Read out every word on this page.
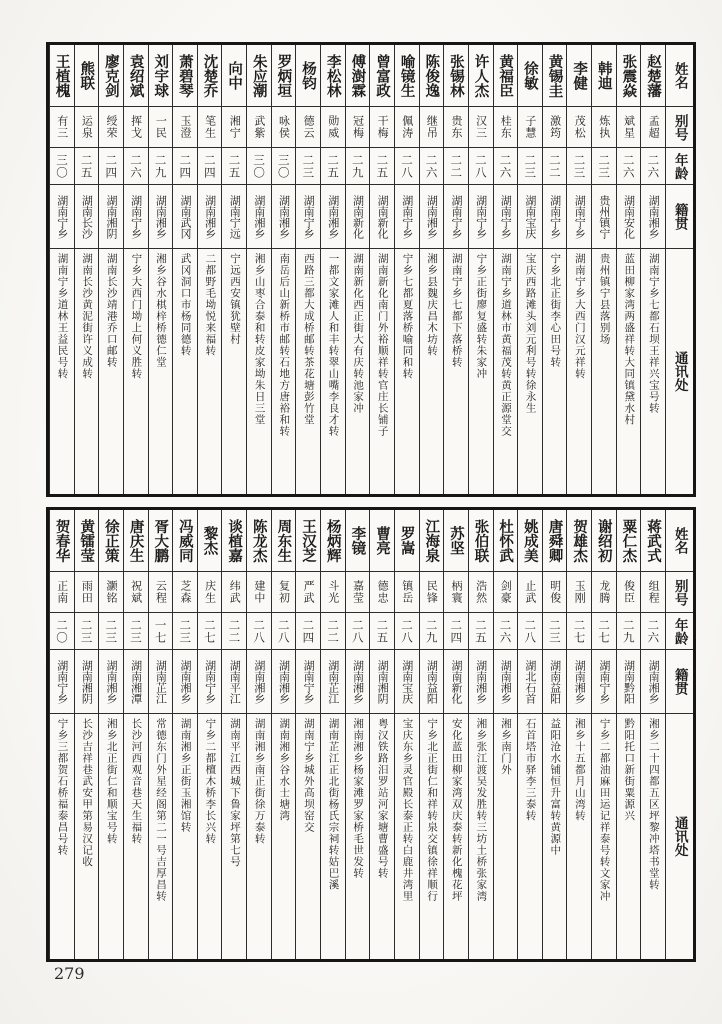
姓名
别号
年龄
籍贯
通讯处
赵楚藩
孟超
二六
湖南湘乡
湖南宁乡七都石坝王祥兴宝号转
张震焱
斌星
二六
湖南安化
蓝田柳家湾两盛祥转大同镇黛水村
韩迪
炼执
二三
贵州镇宁
贵州镇宁县落别场
李健
茂松
二三
湖南宁乡
湖南宁乡大西门汉元祥转
黄锡圭
激筠
二二
湖南宁乡
宁乡北正街李心田号转
徐敏
子慧
二三
湖南宝庆
宝庆西路滩头刘元利号转徐永生
黄福臣
桂东
二六
湖南宁乡
湖南宁乡道林市黄福茂转黄正源堂交
许人杰
汉三
二八
湖南宁乡
宁乡正街廖复盛转朱家冲
张锡林
贵东
二二
湖南宁乡
湖南宁乡七都下落桥转
陈俊逸
继吊
二六
湖南湘乡
湘乡县魏庆昌木坊转
喻镜生
佩涛
二八
湖南宁乡
宁乡七都夏落桥喻同和转
曾富政
干梅
二五
湖南新化
湖南新化南门外裕顺祥转官庄长铺子
傅澍霖
冠梅
二九
湖南新化
湖南新化西正街大有庆转池家冲
李松林
勋威
二五
湖南湘乡
一都文家滩人和丰转翠山嘴李良才转
杨钧
德云
二三
湖南宁乡
西路三都大成桥邮转茶花塘彭竹堂
罗炳垣
咏侯
三〇
湖南湘乡
南岳后山新桥市邮转石地方唐裕和转
朱应潮
武紫
三〇
湖南湘乡
湘乡山枣合泰和转皮家坳朱日三堂
向中
湘宁
二五
湖南宁远
宁远西安镇犹壁村
沈楚乔
笔生
二四
湖南湘乡
二都野毛坳悦来福转
萧碧琴
玉澄
二四
湖南武冈
武冈洞口市杨同德转
刘宇球
一民
二九
湖南湘乡
湘乡谷水棋梓桥德仁堂
袁绍斌
挥戈
二六
湖南宁乡
宁乡大西门坳上何义胜转
廖克剑
绶荣
二四
湖南湘阴
湖南长沙靖港乔口邮转
熊联
运泉
二五
湖南长沙
湖南长沙黄泥街许义成转
王植槐
有三
三〇
湖南宁乡
湖南宁乡道林王益民号转
姓名
别号
年龄
籍贯
通讯处
蒋武式
组程
二六
湖南湘乡
湘乡二十四都五区坪黎冲塔书堂转
粟仁杰
俊臣
二九
湖南黔阳
黔阳托口新街粟源兴
谢绍初
龙腾
二七
湖南宁乡
宁乡二都油麻田运记祥泰号转文家冲
贺雄杰
玉刚
二七
湖南湘乡
湘乡十五都月山湾转
唐舜卿
明俊
二三
湖南益阳
益阳沧水铺恒升富转黄源中
姚成美
止武
二八
湖北石首
石首塔市驿李三泰转
杜怀武
剑豪
二六
湖南湘乡
湘乡南门外
张伯联
浩然
二五
湖南湘乡
湘乡张江渡吴发胜转三坊土桥张家湾
苏坚
柄寰
二四
湖南新化
安化蓝田柳家湾双庆泰转新化槐花坪
江海泉
民锋
二九
湖南益阳
宁乡北正街仁和祥转泉交镇徐祥顺行
罗嵩
镇岳
二八
湖南宝庆
宝庆东乡灵官殿长泰正转白鹿井湾里
曹亮
德忠
二五
湖南湘阴
粤汉铁路汨罗站河家塘曹盛号转
李镜
嘉莹
二八
湖南湘乡
湘南湘乡杨家滩罗家桥毛世发转
杨炳辉
斗光
二二
湖南芷江
湖南芷江正北街杨氏宗祠转姑巴溪
王汉芝
严武
二四
湖南宁乡
湖南宁乡城外高坝窑交
周东生
复初
二八
湖南湘乡
湖南湘乡谷水士塘湾
陈龙杰
建中
二八
湖南湘乡
湖南湘乡南正街徐万泰转
谈植嘉
纬武
二二
湖南平江
湖南平江西城下鲁家坪第七号
黎杰
庆生
二七
湖南宁乡
宁乡二都檀木桥李长兴转
冯威同
芝森
二三
湖南湘乡
湖南湘乡正街玉湘馆转
胥大鹏
云程
一七
湖南芷江
常德东门外星经阁第二一号吉厚昌转
唐庆生
祝斌
二三
湖南湘潭
长沙河西观音巷天生福转
徐正策
灏铭
二三
湖南湘乡
湘乡北正街仁和顺宝号转
黄镭莹
雨田
二三
湖南湘阴
长沙吉祥巷武安甲第易汉记收
贺春华
正南
二〇
湖南宁乡
宁乡三都贺石桥福泰昌号转
279
